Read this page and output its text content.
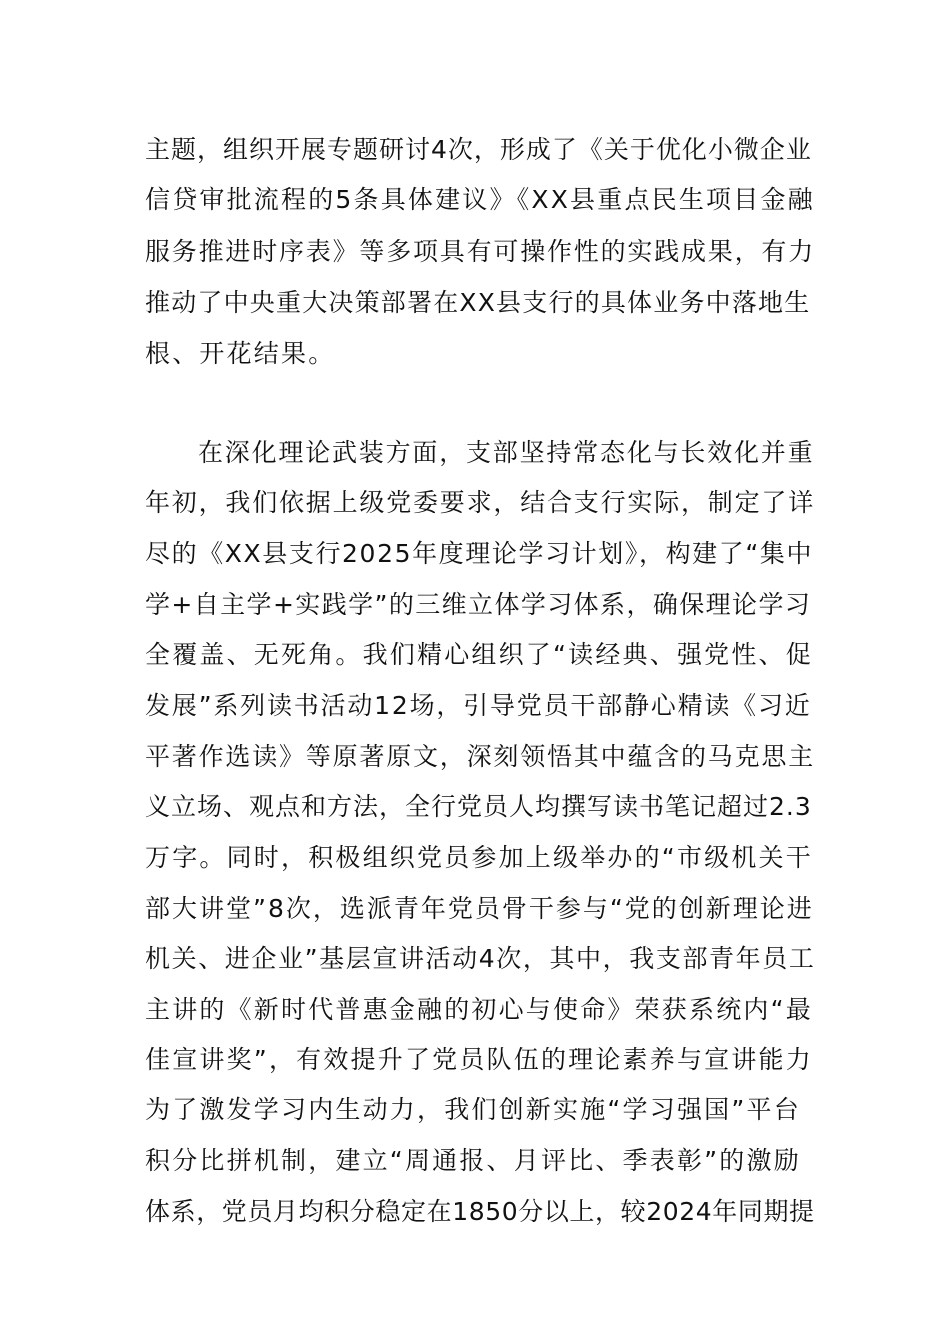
主题，组织开展专题研讨4次，形成了《关于优化小微企业
信贷审批流程的5条具体建议》《XX县重点民生项目金融
服务推进时序表》等多项具有可操作性的实践成果，有力
推动了中央重大决策部署在XX县支行的具体业务中落地生
根、开花结果。
在深化理论武装方面，支部坚持常态化与长效化并重
年初，我们依据上级党委要求，结合支行实际，制定了详
尽的《XX县支行2025年度理论学习计划》，构建了“集中
学+自主学+实践学”的三维立体学习体系，确保理论学习
全覆盖、无死角。我们精心组织了“读经典、强党性、促
发展”系列读书活动12场，引导党员干部静心精读《习近
平著作选读》等原著原文，深刻领悟其中蕴含的马克思主
义立场、观点和方法，全行党员人均撰写读书笔记超过2.3
万字。同时，积极组织党员参加上级举办的“市级机关干
部大讲堂”8次，选派青年党员骨干参与“党的创新理论进
机关、进企业”基层宣讲活动4次，其中，我支部青年员工
主讲的《新时代普惠金融的初心与使命》荣获系统内“最
佳宣讲奖”，有效提升了党员队伍的理论素养与宣讲能力
为了激发学习内生动力，我们创新实施“学习强国”平台
积分比拼机制，建立“周通报、月评比、季表彰”的激励
体系，党员月均积分稳定在1850分以上，较2024年同期提
